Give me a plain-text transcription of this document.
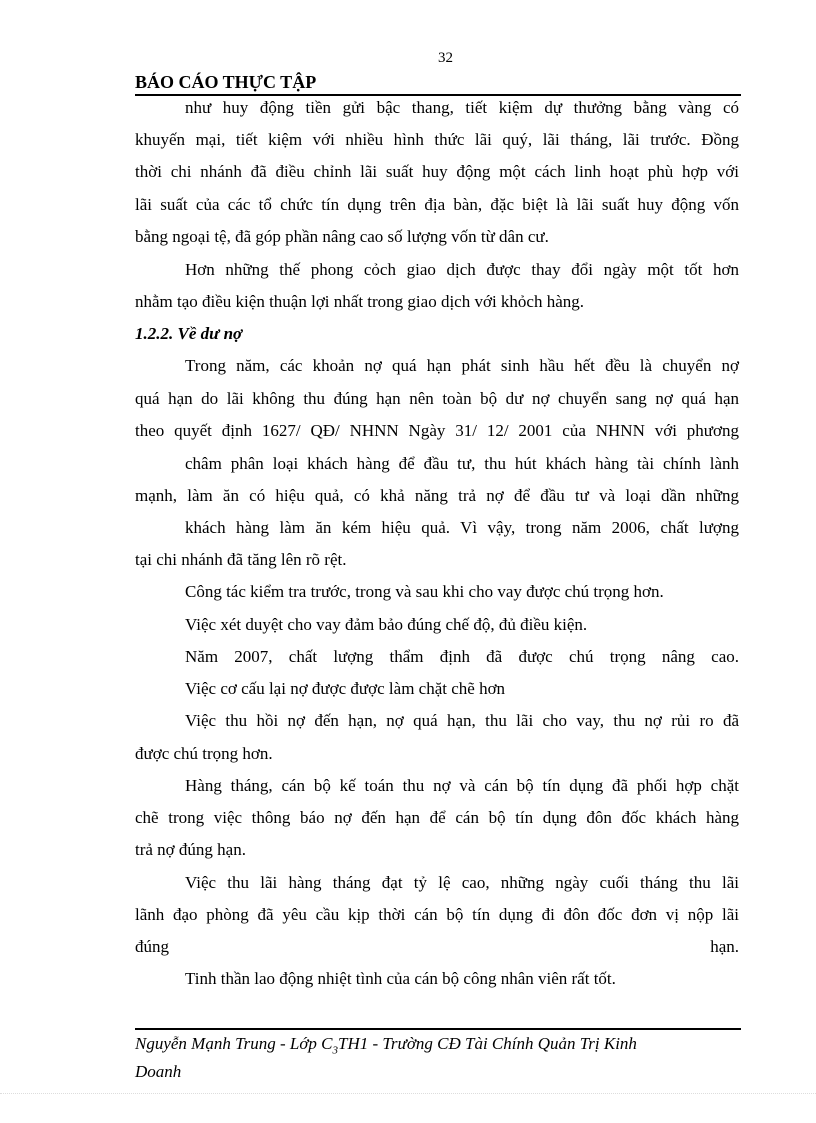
32
BÁO CÁO THỰC TẬP
như huy động tiền gửi bậc thang, tiết kiệm dự thưởng bằng vàng có
khuyến mại, tiết kiệm với nhiều hình thức lãi quý, lãi tháng, lãi trước. Đồng
thời chi nhánh đã điều chỉnh lãi suất huy động một cách linh hoạt phù hợp với
lãi suất của các tổ chức tín dụng trên địa bàn, đặc biệt là lãi suất huy động vốn
bằng ngoại tệ, đã góp phần nâng cao số lượng vốn từ dân cư.
Hơn những thế phong cỏch giao dịch được thay đổi ngày một tốt hơn
nhằm tạo điều kiện thuận lợi nhất trong giao dịch với khỏch hàng.
1.2.2. Về dư nợ
Trong năm, các khoản nợ quá hạn phát sinh hầu hết đều là chuyển nợ
quá hạn do lãi không thu đúng hạn nên toàn bộ dư nợ chuyển sang nợ quá hạn
theo quyết định 1627/ QĐ/ NHNN Ngày 31/ 12/ 2001 của NHNN với phương
châm phân loại khách hàng để đầu tư, thu hút khách hàng tài chính lành
mạnh, làm ăn có hiệu quả, có khả năng trả nợ để đầu tư và loại dần những
khách hàng làm ăn kém hiệu quả. Vì vậy, trong năm 2006, chất lượng
tại chi nhánh đã tăng lên rõ rệt.
Công tác kiểm tra trước, trong và sau khi cho vay được chú trọng hơn.
Việc xét duyệt cho vay đảm bảo đúng chế độ, đủ điều kiện.
Năm 2007, chất lượng thẩm định đã được chú trọng nâng cao.
Việc cơ cấu lại nợ được được làm chặt chẽ hơn
Việc thu hồi nợ đến hạn, nợ quá hạn, thu lãi cho vay, thu nợ rủi ro đã
được chú trọng hơn.
Hàng tháng, cán bộ kế toán thu nợ và cán bộ tín dụng đã phối hợp chặt
chẽ trong việc thông báo nợ đến hạn để cán bộ tín dụng đôn đốc khách hàng
trả nợ đúng hạn.
Việc thu lãi hàng tháng đạt tỷ lệ cao, những ngày cuối tháng thu lãi
lãnh đạo phòng đã yêu cầu kịp thời cán bộ tín dụng đi đôn đốc đơn vị nộp lãi
đúng	hạn.
Tinh thần lao động nhiệt tình của cán bộ công nhân viên rất tốt.
Nguyễn Mạnh Trung - Lớp $C_3TH1$ - Trường CĐ Tài Chính Quản Trị Kinh
Doanh
